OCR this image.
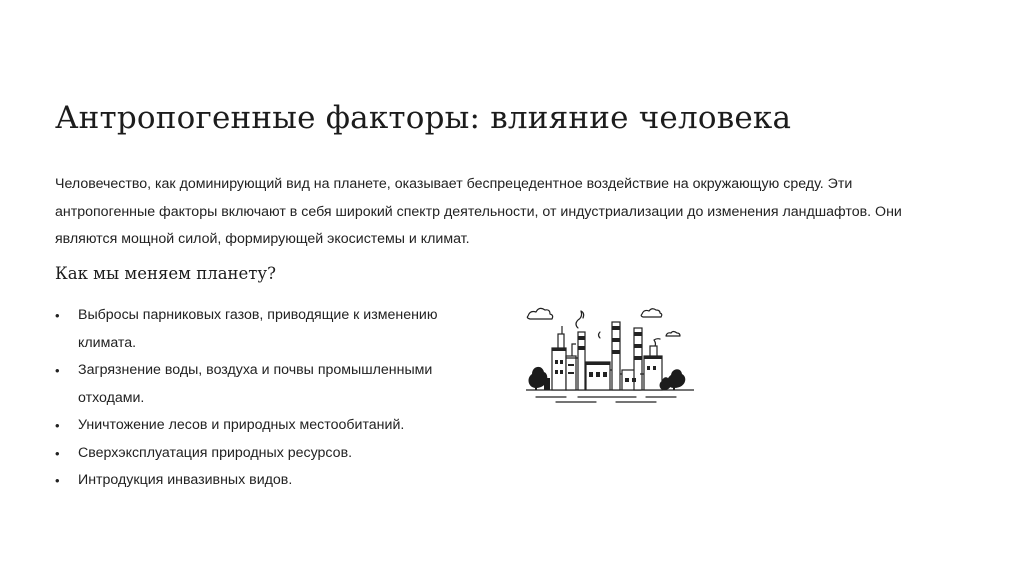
Антропогенные факторы: влияние человека

Человечество, как доминирующий вид на планете, оказывает беспрецедентное воздействие на окружающую среду. Эти антропогенные факторы включают в себя широкий спектр деятельности, от индустриализации до изменения ландшафтов. Они являются мощной силой, формирующей экосистемы и климат.

Как мы меняем планету?
• Выбросы парниковых газов, приводящие к изменению климата.
• Загрязнение воды, воздуха и почвы промышленными отходами.
• Уничтожение лесов и природных местообитаний.
• Сверхэксплуатация природных ресурсов.
• Интродукция инвазивных видов.
